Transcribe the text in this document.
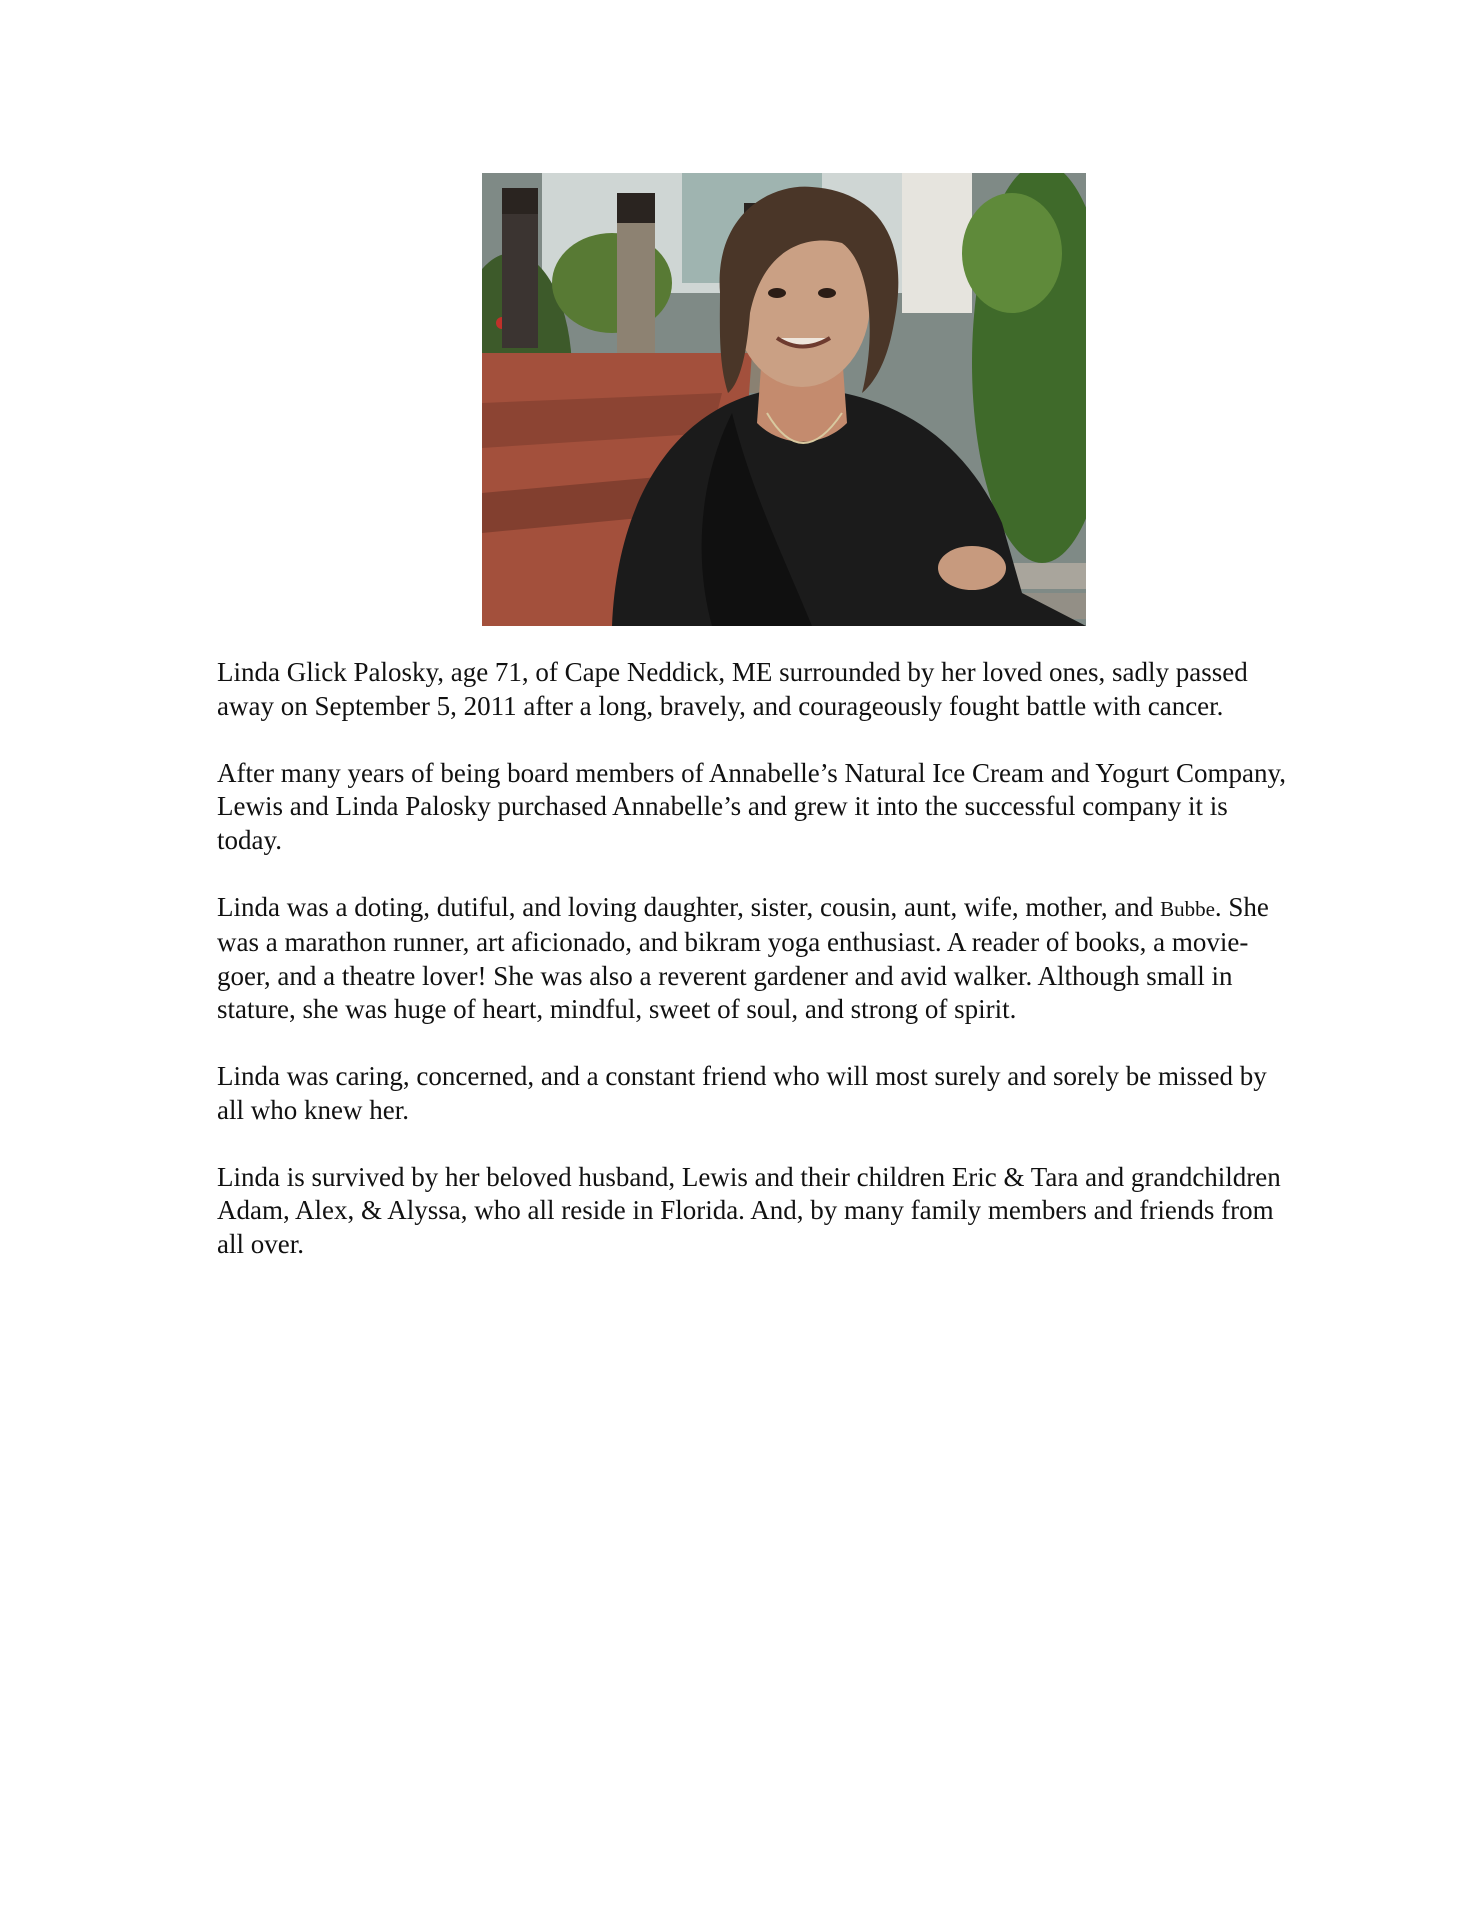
Linda Glick Palosky, age 71, of Cape Neddick, ME surrounded by her loved ones, sadly passed away on September 5, 2011 after a long, bravely, and courageously fought battle with cancer.

After many years of being board members of Annabelle’s Natural Ice Cream and Yogurt Company, Lewis and Linda Palosky purchased Annabelle’s and grew it into the successful company it is today.

Linda was a doting, dutiful, and loving daughter, sister, cousin, aunt, wife, mother, and Bubbe. She was a marathon runner, art aficionado, and bikram yoga enthusiast. A reader of books, a movie-goer, and a theatre lover! She was also a reverent gardener and avid walker. Although small in stature, she was huge of heart, mindful, sweet of soul, and strong of spirit.

Linda was caring, concerned, and a constant friend who will most surely and sorely be missed by all who knew her.

Linda is survived by her beloved husband, Lewis and their children Eric & Tara and grandchildren Adam, Alex, & Alyssa, who all reside in Florida. And, by many family members and friends from all over.
